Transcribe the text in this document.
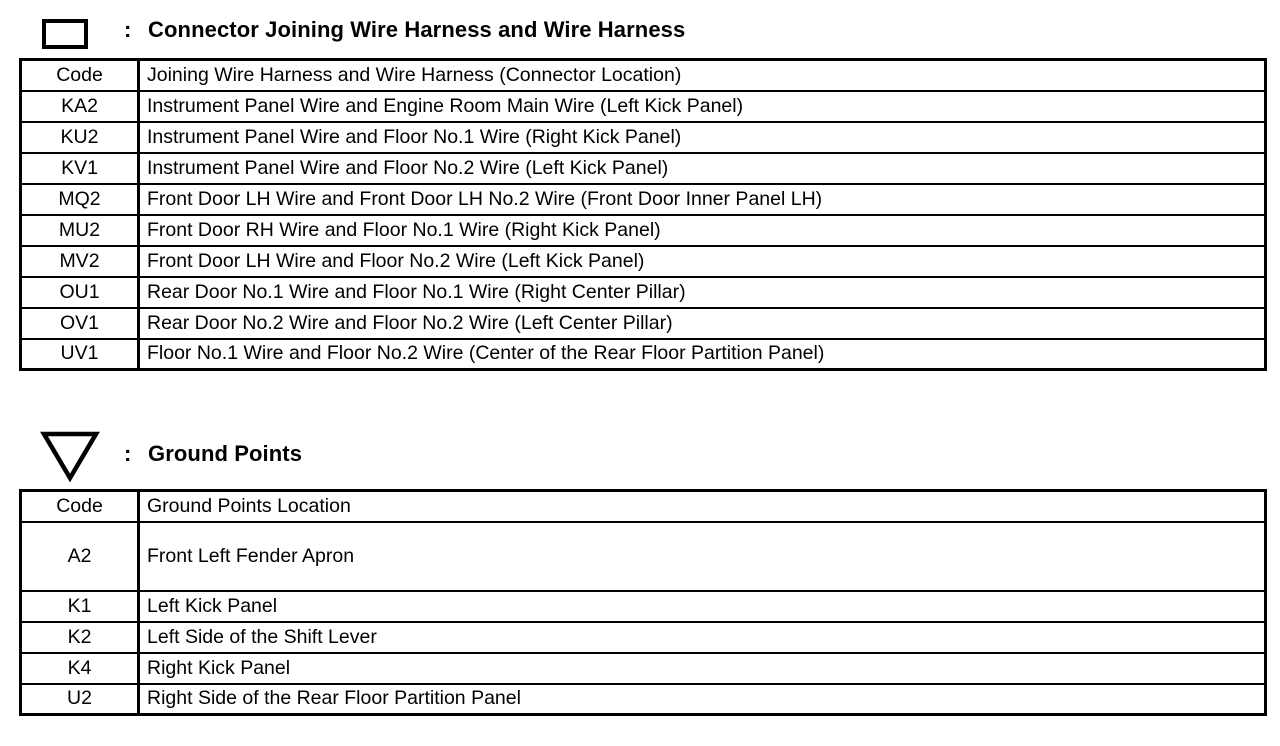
: Connector Joining Wire Harness and Wire Harness
Code	Joining Wire Harness and Wire Harness (Connector Location)
KA2	Instrument Panel Wire and Engine Room Main Wire (Left Kick Panel)
KU2	Instrument Panel Wire and Floor No.1 Wire (Right Kick Panel)
KV1	Instrument Panel Wire and Floor No.2 Wire (Left Kick Panel)
MQ2	Front Door LH Wire and Front Door LH No.2 Wire (Front Door Inner Panel LH)
MU2	Front Door RH Wire and Floor No.1 Wire (Right Kick Panel)
MV2	Front Door LH Wire and Floor No.2 Wire (Left Kick Panel)
OU1	Rear Door No.1 Wire and Floor No.1 Wire (Right Center Pillar)
OV1	Rear Door No.2 Wire and Floor No.2 Wire (Left Center Pillar)
UV1	Floor No.1 Wire and Floor No.2 Wire (Center of the Rear Floor Partition Panel)
: Ground Points
Code	Ground Points Location
A2	Front Left Fender Apron
K1	Left Kick Panel
K2	Left Side of the Shift Lever
K4	Right Kick Panel
U2	Right Side of the Rear Floor Partition Panel
